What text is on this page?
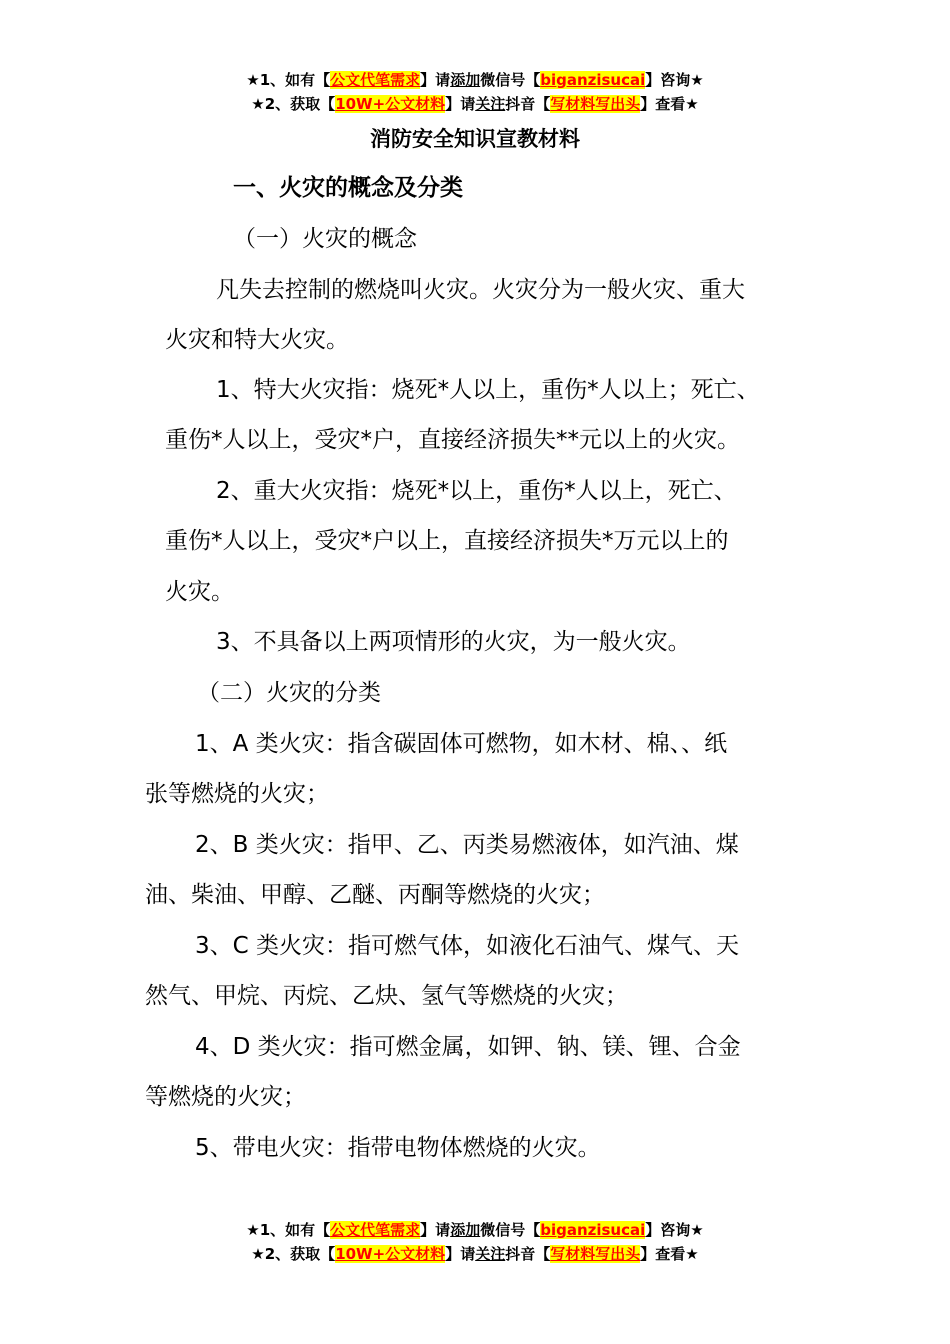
★1、如有【公文代笔需求】请添加微信号【biganzisucai】咨询★
★2、获取【10W+公文材料】请关注抖音【写材料写出头】查看★
消防安全知识宣教材料
一、火灾的概念及分类
（一）火灾的概念
凡失去控制的燃烧叫火灾。火灾分为一般火灾、重大
火灾和特大火灾。
1、特大火灾指：烧死*人以上，重伤*人以上；死亡、
重伤*人以上，受灾*户，直接经济损失**元以上的火灾。
2、重大火灾指：烧死*以上，重伤*人以上，死亡、
重伤*人以上，受灾*户以上，直接经济损失*万元以上的
火灾。
3、不具备以上两项情形的火灾，为一般火灾。
（二）火灾的分类
1、A 类火灾：指含碳固体可燃物，如木材、棉、、纸
张等燃烧的火灾；
2、B 类火灾：指甲、乙、丙类易燃液体，如汽油、煤
油、柴油、甲醇、乙醚、丙酮等燃烧的火灾；
3、C 类火灾：指可燃气体，如液化石油气、煤气、天
然气、甲烷、丙烷、乙炔、氢气等燃烧的火灾；
4、D 类火灾：指可燃金属，如钾、钠、镁、锂、合金
等燃烧的火灾；
5、带电火灾：指带电物体燃烧的火灾。
★1、如有【公文代笔需求】请添加微信号【biganzisucai】咨询★
★2、获取【10W+公文材料】请关注抖音【写材料写出头】查看★
